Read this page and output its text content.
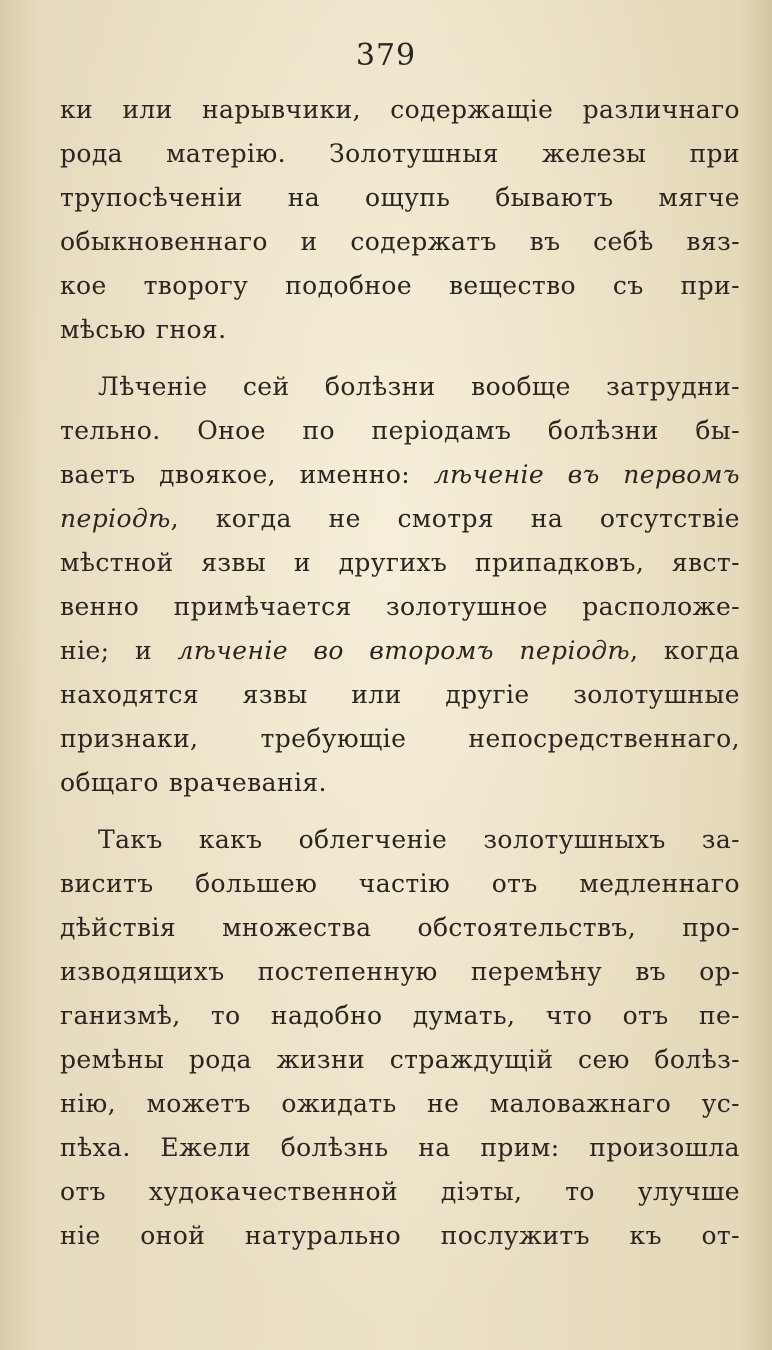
379
ки или нарывчики, содержащіе различнаго
рода матерію. Золотушныя железы при
трупосѣченіи на ощупь бываютъ мягче
обыкновеннаго и содержатъ въ себѣ вяз-
кое творогу подобное вещество съ при-
мѣсью гноя.
Лѣченіе сей болѣзни вообще затрудни-
тельно. Оное по періодамъ болѣзни бы-
ваетъ двоякое, именно: лѣченіе въ первомъ
періодѣ, когда не смотря на отсутствіе
мѣстной язвы и другихъ припадковъ, явст-
венно примѣчается золотушное расположе-
ніе; и лѣченіе во второмъ періодѣ, когда
находятся язвы или другіе золотушные
признаки, требующіе непосредственнаго,
общаго врачеванія.
Такъ какъ облегченіе золотушныхъ за-
виситъ большею частію отъ медленнаго
дѣйствія множества обстоятельствъ, про-
изводящихъ постепенную перемѣну въ ор-
ганизмѣ, то надобно думать, что отъ пе-
ремѣны рода жизни страждущій сею болѣз-
нію, можетъ ожидать не маловажнаго ус-
пѣха. Ежели болѣзнь на прим: произошла
отъ худокачественной діэты, то улучше
ніе оной натурально послужитъ къ от-
